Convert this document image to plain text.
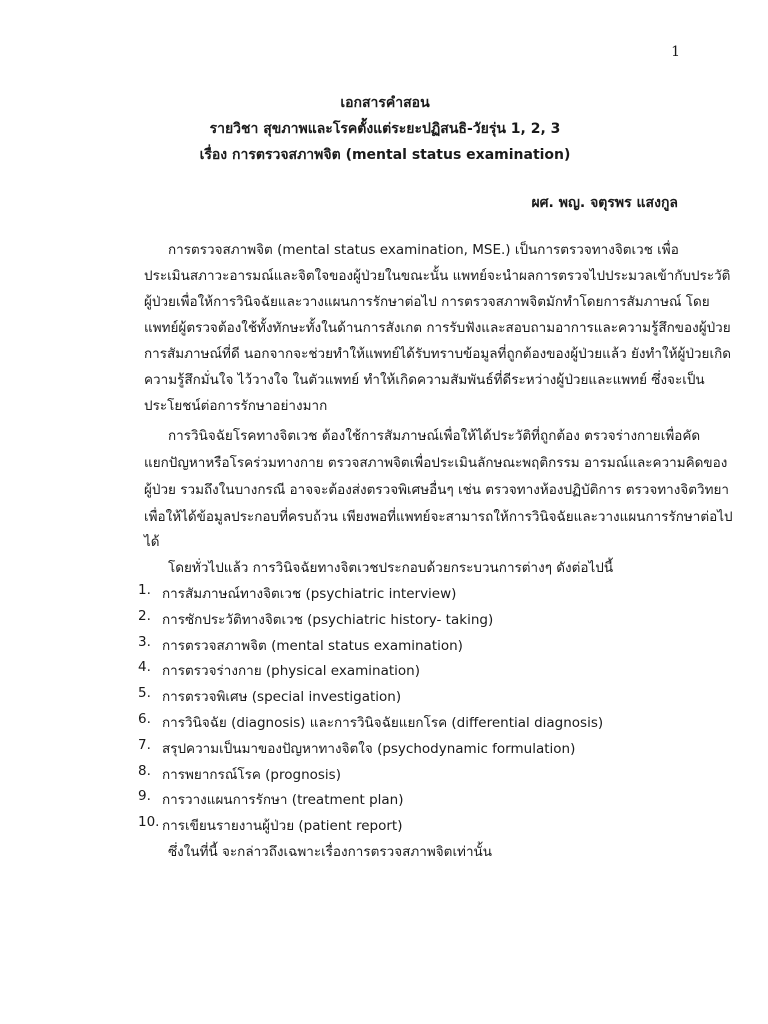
1
เอกสารคำสอน
รายวิชา สุขภาพและโรคตั้งแต่ระยะปฏิสนธิ-วัยรุ่น 1, 2, 3
เรื่อง การตรวจสภาพจิต (mental status examination)
ผศ. พญ. จตุรพร แสงกูล
การตรวจสภาพจิต (mental status examination, MSE.) เป็นการตรวจทางจิตเวช เพื่อ
ประเมินสภาวะอารมณ์และจิตใจของผู้ป่วยในขณะนั้น แพทย์จะนำผลการตรวจไปประมวลเข้ากับประวัติ
ผู้ป่วยเพื่อให้การวินิจฉัยและวางแผนการรักษาต่อไป การตรวจสภาพจิตมักทำโดยการสัมภาษณ์ โดย
แพทย์ผู้ตรวจต้องใช้ทั้งทักษะทั้งในด้านการสังเกต การรับฟังและสอบถามอาการและความรู้สึกของผู้ป่วย
การสัมภาษณ์ที่ดี นอกจากจะช่วยทำให้แพทย์ได้รับทราบข้อมูลที่ถูกต้องของผู้ป่วยแล้ว ยังทำให้ผู้ป่วยเกิด
ความรู้สึกมั่นใจ ไว้วางใจ ในตัวแพทย์ ทำให้เกิดความสัมพันธ์ที่ดีระหว่างผู้ป่วยและแพทย์ ซึ่งจะเป็น
ประโยชน์ต่อการรักษาอย่างมาก
การวินิจฉัยโรคทางจิตเวช ต้องใช้การสัมภาษณ์เพื่อให้ได้ประวัติที่ถูกต้อง ตรวจร่างกายเพื่อคัด
แยกปัญหาหรือโรคร่วมทางกาย ตรวจสภาพจิตเพื่อประเมินลักษณะพฤติกรรม อารมณ์และความคิดของ
ผู้ป่วย รวมถึงในบางกรณี อาจจะต้องส่งตรวจพิเศษอื่นๆ เช่น ตรวจทางห้องปฏิบัติการ ตรวจทางจิตวิทยา
เพื่อให้ได้ข้อมูลประกอบที่ครบถ้วน เพียงพอที่แพทย์จะสามารถให้การวินิจฉัยและวางแผนการรักษาต่อไป
ได้
โดยทั่วไปแล้ว การวินิจฉัยทางจิตเวชประกอบด้วยกระบวนการต่างๆ ดังต่อไปนี้
1. การสัมภาษณ์ทางจิตเวช (psychiatric interview)
2. การซักประวัติทางจิตเวช (psychiatric history- taking)
3. การตรวจสภาพจิต (mental status examination)
4. การตรวจร่างกาย (physical examination)
5. การตรวจพิเศษ (special investigation)
6. การวินิจฉัย (diagnosis) และการวินิจฉัยแยกโรค (differential diagnosis)
7. สรุปความเป็นมาของปัญหาทางจิตใจ (psychodynamic formulation)
8. การพยากรณ์โรค (prognosis)
9. การวางแผนการรักษา (treatment plan)
10. การเขียนรายงานผู้ป่วย (patient report)
ซึ่งในที่นี้ จะกล่าวถึงเฉพาะเรื่องการตรวจสภาพจิตเท่านั้น
